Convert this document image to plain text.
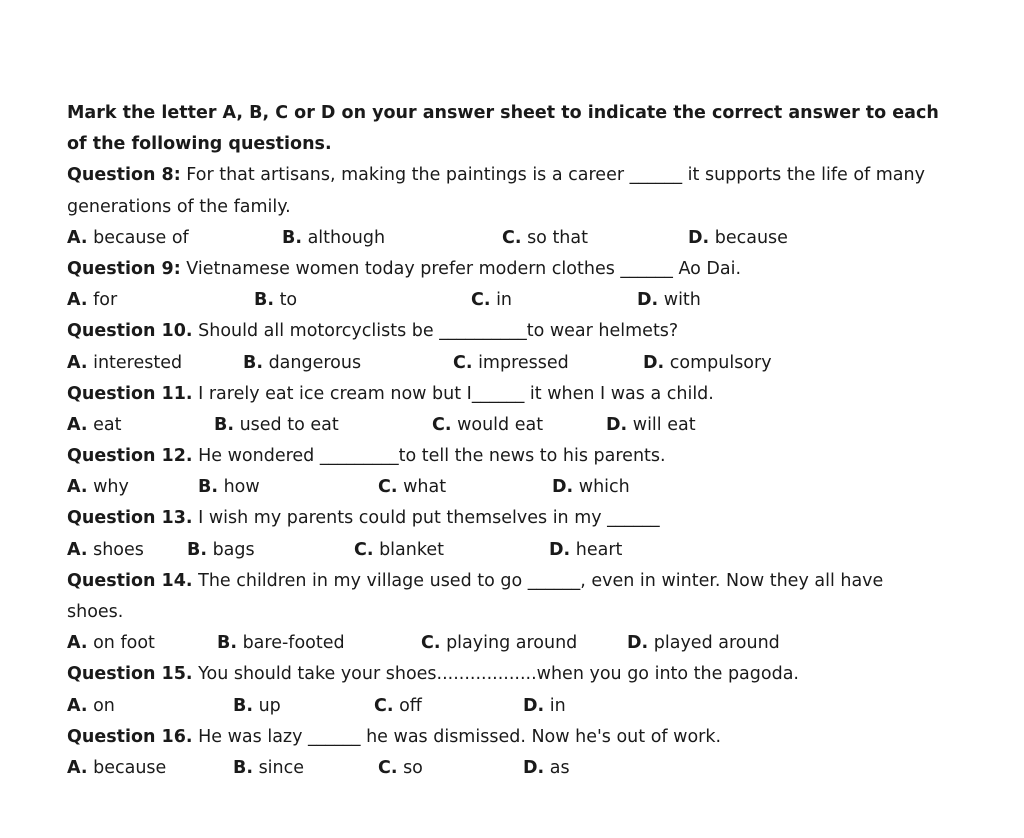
Mark the letter A, B, C or D on your answer sheet to indicate the correct answer to each
of the following questions.
Question 8: For that artisans, making the paintings is a career ______ it supports the life of many
generations of the family.
A. because of	B. although	C. so that	D. because
Question 9: Vietnamese women today prefer modern clothes ______ Ao Dai.
A. for	B. to	C. in	D. with
Question 10. Should all motorcyclists be __________to wear helmets?
A. interested	B. dangerous	C. impressed	D. compulsory
Question 11. I rarely eat ice cream now but I______ it when I was a child.
A. eat	B. used to eat	C. would eat	D. will eat
Question 12. He wondered _________to tell the news to his parents.
A. why	B. how	C. what	D. which
Question 13. I wish my parents could put themselves in my ______
A. shoes B. bags	C. blanket	D. heart
Question 14. The children in my village used to go ______, even in winter. Now they all have
shoes.
A. on foot	B. bare-footed	C. playing around	D. played around
Question 15. You should take your shoes..................when you go into the pagoda.
A. on	B. up	C. off	D. in
Question 16. He was lazy ______ he was dismissed. Now he's out of work.
A. because	B. since	C. so	D. as
